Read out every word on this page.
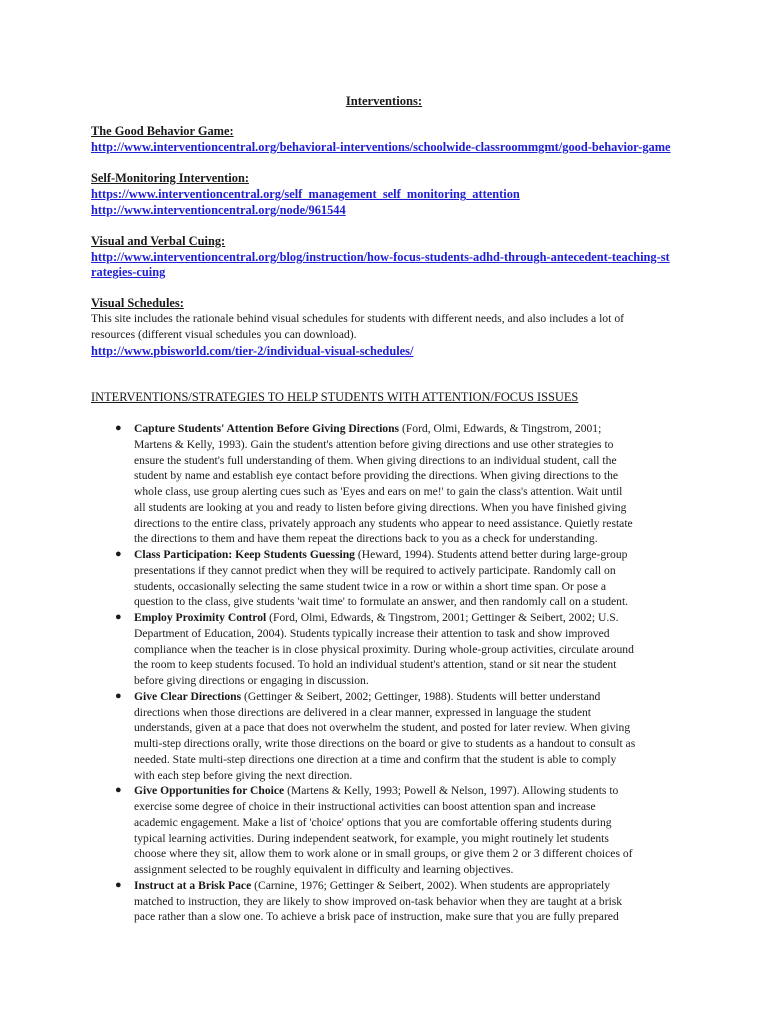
Interventions:
The Good Behavior Game:
http://www.interventioncentral.org/behavioral-interventions/schoolwide-classroommgmt/good-behavior-game
Self-Monitoring Intervention:
https://www.interventioncentral.org/self_management_self_monitoring_attention
http://www.interventioncentral.org/node/961544
Visual and Verbal Cuing:
http://www.interventioncentral.org/blog/instruction/how-focus-students-adhd-through-antecedent-teaching-st
rategies-cuing
Visual Schedules:
This site includes the rationale behind visual schedules for students with different needs, and also includes a lot of
resources (different visual schedules you can download).
http://www.pbisworld.com/tier-2/individual-visual-schedules/
INTERVENTIONS/STRATEGIES TO HELP STUDENTS WITH ATTENTION/FOCUS ISSUES
● Capture Students' Attention Before Giving Directions (Ford, Olmi, Edwards, & Tingstrom, 2001;
Martens & Kelly, 1993). Gain the student's attention before giving directions and use other strategies to
ensure the student's full understanding of them. When giving directions to an individual student, call the
student by name and establish eye contact before providing the directions. When giving directions to the
whole class, use group alerting cues such as 'Eyes and ears on me!' to gain the class's attention. Wait until
all students are looking at you and ready to listen before giving directions. When you have finished giving
directions to the entire class, privately approach any students who appear to need assistance. Quietly restate
the directions to them and have them repeat the directions back to you as a check for understanding.
● Class Participation: Keep Students Guessing (Heward, 1994). Students attend better during large-group
presentations if they cannot predict when they will be required to actively participate. Randomly call on
students, occasionally selecting the same student twice in a row or within a short time span. Or pose a
question to the class, give students 'wait time' to formulate an answer, and then randomly call on a student.
● Employ Proximity Control (Ford, Olmi, Edwards, & Tingstrom, 2001; Gettinger & Seibert, 2002; U.S.
Department of Education, 2004). Students typically increase their attention to task and show improved
compliance when the teacher is in close physical proximity. During whole-group activities, circulate around
the room to keep students focused. To hold an individual student's attention, stand or sit near the student
before giving directions or engaging in discussion.
● Give Clear Directions (Gettinger & Seibert, 2002; Gettinger, 1988). Students will better understand
directions when those directions are delivered in a clear manner, expressed in language the student
understands, given at a pace that does not overwhelm the student, and posted for later review. When giving
multi-step directions orally, write those directions on the board or give to students as a handout to consult as
needed. State multi-step directions one direction at a time and confirm that the student is able to comply
with each step before giving the next direction.
● Give Opportunities for Choice (Martens & Kelly, 1993; Powell & Nelson, 1997). Allowing students to
exercise some degree of choice in their instructional activities can boost attention span and increase
academic engagement. Make a list of 'choice' options that you are comfortable offering students during
typical learning activities. During independent seatwork, for example, you might routinely let students
choose where they sit, allow them to work alone or in small groups, or give them 2 or 3 different choices of
assignment selected to be roughly equivalent in difficulty and learning objectives.
● Instruct at a Brisk Pace (Carnine, 1976; Gettinger & Seibert, 2002). When students are appropriately
matched to instruction, they are likely to show improved on-task behavior when they are taught at a brisk
pace rather than a slow one. To achieve a brisk pace of instruction, make sure that you are fully prepared
